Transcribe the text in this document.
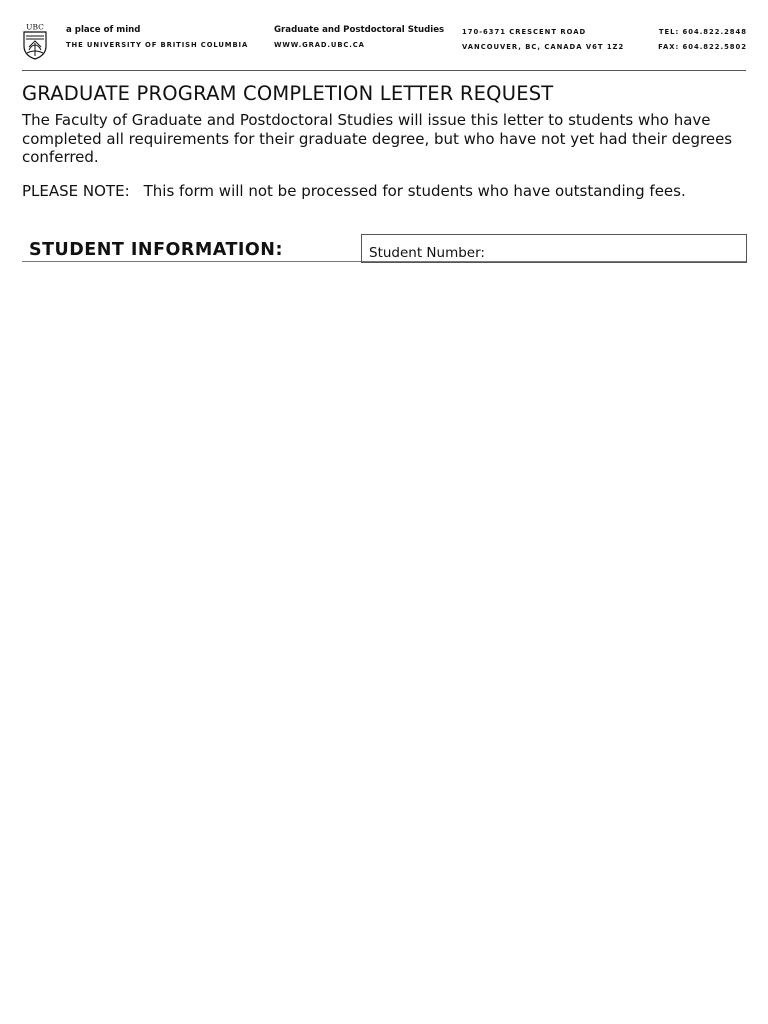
UBC	a place of mind
THE UNIVERSITY OF BRITISH COLUMBIA
Graduate and Postdoctoral Studies
WWW.GRAD.UBC.CA
170-6371 CRESCENT ROAD
VANCOUVER, BC, CANADA V6T 1Z2
TEL: 604.822.2848
FAX: 604.822.5802
GRADUATE PROGRAM COMPLETION LETTER REQUEST

The Faculty of Graduate and Postdoctoral Studies will issue this letter to students who have completed all requirements for their graduate degree, but who have not yet had their degrees conferred.

PLEASE NOTE: This form will not be processed for students who have outstanding fees.

STUDENT INFORMATION:	Student Number:
